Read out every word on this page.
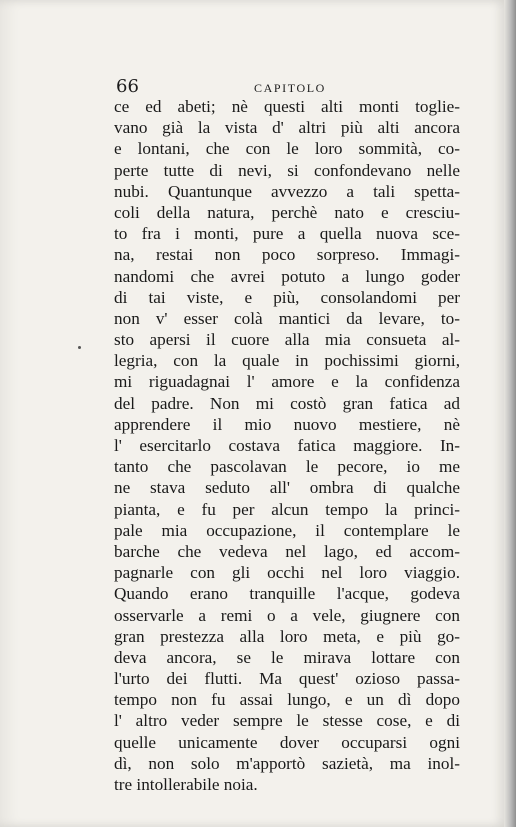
66	CAPITOLO
ce ed abeti; nè questi alti monti toglie-
vano già la vista d' altri più alti ancora
e lontani, che con le loro sommità, co-
perte tutte di nevi, si confondevano nelle
nubi. Quantunque avvezzo a tali spetta-
coli della natura, perchè nato e cresciu-
to fra i monti, pure a quella nuova sce-
na, restai non poco sorpreso. Immagi-
nandomi che avrei potuto a lungo goder
di tai viste, e più, consolandomi per
non v' esser colà mantici da levare, to-
sto apersi il cuore alla mia consueta al-
legria, con la quale in pochissimi giorni,
mi riguadagnai l' amore e la confidenza
del padre. Non mi costò gran fatica ad
apprendere il mio nuovo mestiere, nè
l' esercitarlo costava fatica maggiore. In-
tanto che pascolavan le pecore, io me
ne stava seduto all' ombra di qualche
pianta, e fu per alcun tempo la princi-
pale mia occupazione, il contemplare le
barche che vedeva nel lago, ed accom-
pagnarle con gli occhi nel loro viaggio.
Quando erano tranquille l'acque, godeva
osservarle a remi o a vele, giugnere con
gran prestezza alla loro meta, e più go-
deva ancora, se le mirava lottare con
l'urto dei flutti. Ma quest' ozioso passa-
tempo non fu assai lungo, e un dì dopo
l' altro veder sempre le stesse cose, e di
quelle unicamente dover occuparsi ogni
dì, non solo m'apportò sazietà, ma inol-
tre intollerabile noia.
